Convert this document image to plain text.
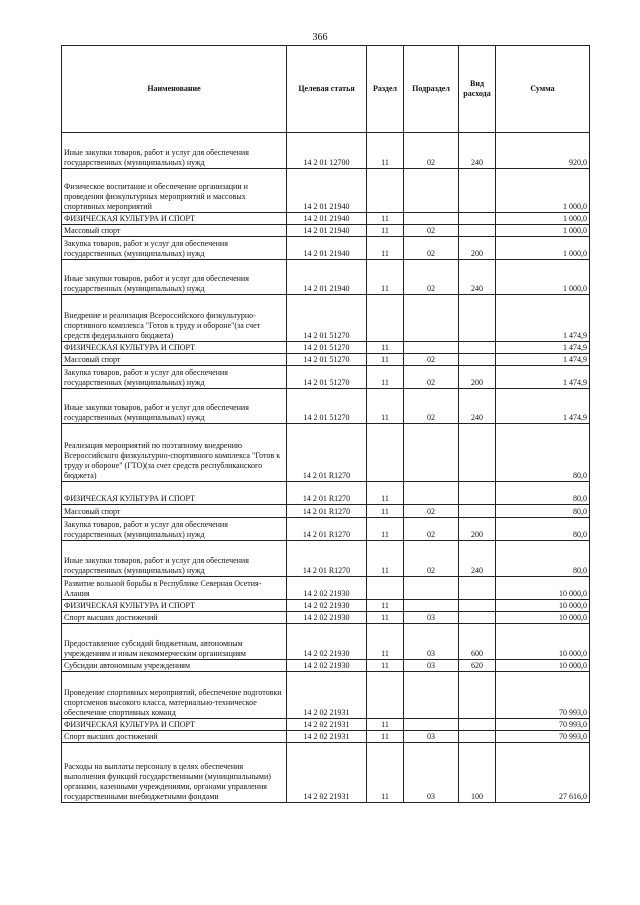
366
Наименование	Целевая статья	Раздел	Подраздел	Вид расхода	Сумма
Иные закупки товаров, работ и услуг для обеспечения государственных (муниципальных) нужд	14 2 01 12700	11	02	240	920,0
Физическое воспитание и обеспечение организации и проведения физкультурных мероприятий и массовых спортивных мероприятий	14 2 01 21940				1 000,0
ФИЗИЧЕСКАЯ КУЛЬТУРА И СПОРТ	14 2 01 21940	11			1 000,0
Массовый спорт	14 2 01 21940	11	02		1 000,0
Закупка товаров, работ и услуг для обеспечения государственных (муниципальных) нужд	14 2 01 21940	11	02	200	1 000,0
Иные закупки товаров, работ и услуг для обеспечения государственных (муниципальных) нужд	14 2 01 21940	11	02	240	1 000,0
Внедрение и реализация Всероссийского физкультурно-спортивного комплекса "Готов к труду и обороне"(за счет средств федерального бюджета)	14 2 01 51270				1 474,9
ФИЗИЧЕСКАЯ КУЛЬТУРА И СПОРТ	14 2 01 51270	11			1 474,9
Массовый спорт	14 2 01 51270	11	02		1 474,9
Закупка товаров, работ и услуг для обеспечения государственных (муниципальных) нужд	14 2 01 51270	11	02	200	1 474,9
Иные закупки товаров, работ и услуг для обеспечения государственных (муниципальных) нужд	14 2 01 51270	11	02	240	1 474,9
Реализация мероприятий по поэтапному внедрению Всероссийского физкультурно-спортивного комплекса "Готов к труду и обороне" (ГТО)(за счет средств республиканского бюджета)	14 2 01 R1270				80,0
ФИЗИЧЕСКАЯ КУЛЬТУРА И СПОРТ	14 2 01 R1270	11			80,0
Массовый спорт	14 2 01 R1270	11	02		80,0
Закупка товаров, работ и услуг для обеспечения государственных (муниципальных) нужд	14 2 01 R1270	11	02	200	80,0
Иные закупки товаров, работ и услуг для обеспечения государственных (муниципальных) нужд	14 2 01 R1270	11	02	240	80,0
Развитие вольной борьбы в Республике Северная Осетия-Алания	14 2 02 21930				10 000,0
ФИЗИЧЕСКАЯ КУЛЬТУРА И СПОРТ	14 2 02 21930	11			10 000,0
Спорт высших достижений	14 2 02 21930	11	03		10 000,0
Предоставление субсидий бюджетным, автономным учреждениям и иным некоммерческим организациям	14 2 02 21930	11	03	600	10 000,0
Субсидии автономным учреждениям	14 2 02 21930	11	03	620	10 000,0
Проведение спортивных мероприятий, обеспечение подготовки спортсменов высокого класса, материально-техническое обеспечение спортивных команд	14 2 02 21931				70 993,0
ФИЗИЧЕСКАЯ КУЛЬТУРА И СПОРТ	14 2 02 21931	11			70 993,0
Спорт высших достижений	14 2 02 21931	11	03		70 993,0
Расходы на выплаты персоналу в целях обеспечения выполнения функций государственными (муниципальными) органами, казенными учреждениями, органами управления государственными внебюджетными фондами	14 2 02 21931	11	03	100	27 616,0
